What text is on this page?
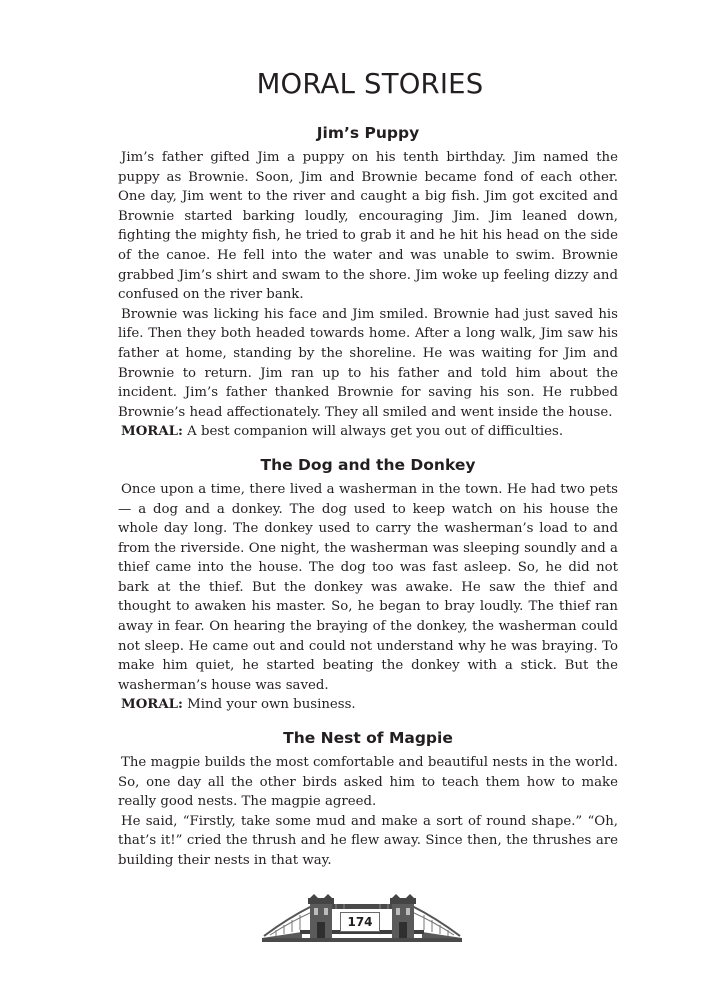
MORAL STORIES
Jim’s Puppy

Jim’s father gifted Jim a puppy on his tenth birthday. Jim named the puppy as Brownie. Soon, Jim and Brownie became fond of each other. One day, Jim went to the river and caught a big fish. Jim got excited and Brownie started barking loudly, encouraging Jim. Jim leaned down, fighting the mighty fish, he tried to grab it and he hit his head on the side of the canoe. He fell into the water and was unable to swim. Brownie grabbed Jim’s shirt and swam to the shore. Jim woke up feeling dizzy and confused on the river bank.

Brownie was licking his face and Jim smiled. Brownie had just saved his life. Then they both headed towards home. After a long walk, Jim saw his father at home, standing by the shoreline. He was waiting for Jim and Brownie to return. Jim ran up to his father and told him about the incident. Jim’s father thanked Brownie for saving his son. He rubbed Brownie’s head affectionately. They all smiled and went inside the house.

MORAL: A best companion will always get you out of difficulties.

The Dog and the Donkey

Once upon a time, there lived a washerman in the town. He had two pets — a dog and a donkey. The dog used to keep watch on his house the whole day long. The donkey used to carry the washerman’s load to and from the riverside. One night, the washerman was sleeping soundly and a thief came into the house. The dog too was fast asleep. So, he did not bark at the thief. But the donkey was awake. He saw the thief and thought to awaken his master. So, he began to bray loudly. The thief ran away in fear. On hearing the braying of the donkey, the washerman could not sleep. He came out and could not understand why he was braying. To make him quiet, he started beating the donkey with a stick. But the washerman’s house was saved.

MORAL: Mind your own business.

The Nest of Magpie

The magpie builds the most comfortable and beautiful nests in the world. So, one day all the other birds asked him to teach them how to make really good nests. The magpie agreed.

He said, “Firstly, take some mud and make a sort of round shape.” “Oh, that’s it!” cried the thrush and he flew away. Since then, the thrushes are building their nests in that way.

174
